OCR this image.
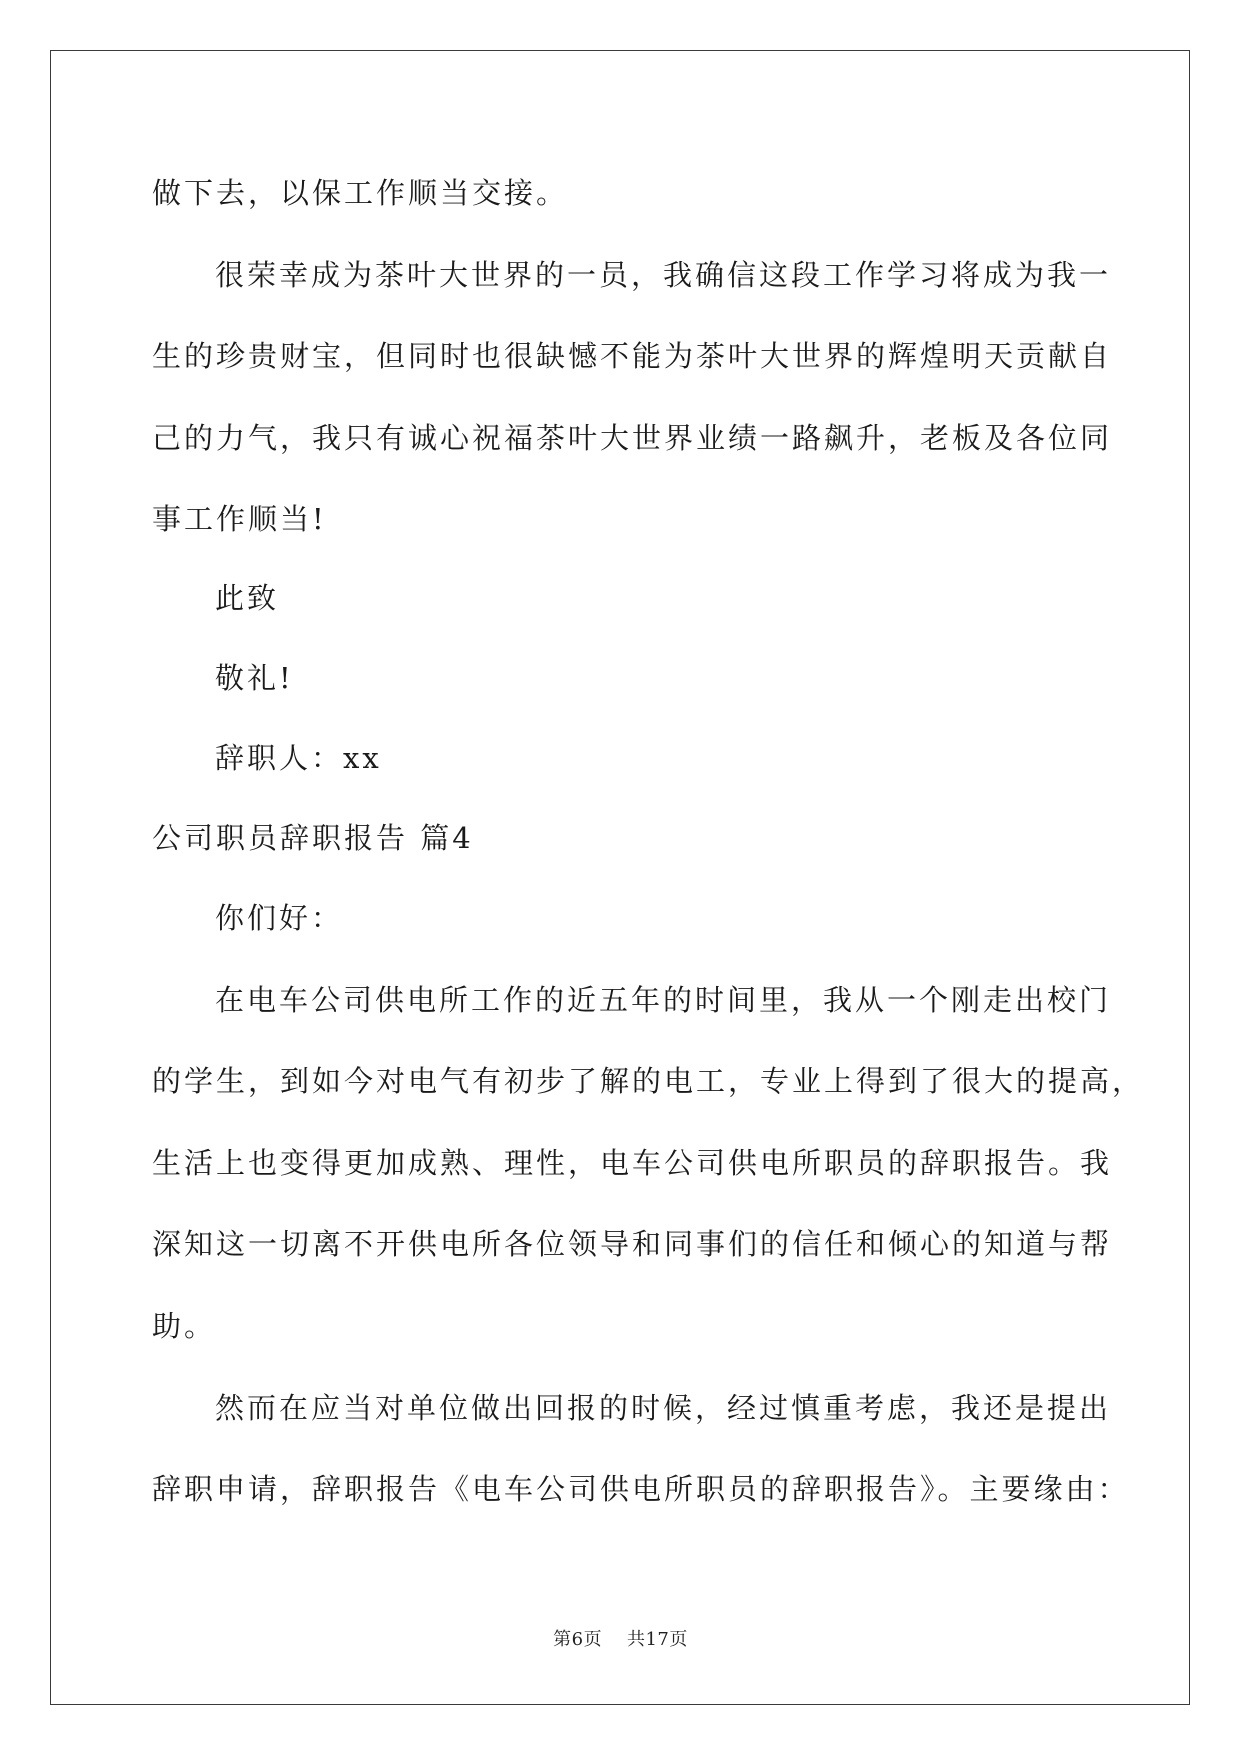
做下去，以保工作顺当交接。
很荣幸成为茶叶大世界的一员，我确信这段工作学习将成为我一
生的珍贵财宝，但同时也很缺憾不能为茶叶大世界的辉煌明天贡献自
己的力气，我只有诚心祝福茶叶大世界业绩一路飙升，老板及各位同
事工作顺当!
此致
敬礼!
辞职人：xx
公司职员辞职报告 篇4
你们好：
在电车公司供电所工作的近五年的时间里，我从一个刚走出校门
的学生，到如今对电气有初步了解的电工，专业上得到了很大的提高，
生活上也变得更加成熟、理性，电车公司供电所职员的辞职报告。我
深知这一切离不开供电所各位领导和同事们的信任和倾心的知道与帮
助。
然而在应当对单位做出回报的时候，经过慎重考虑，我还是提出
辞职申请，辞职报告《电车公司供电所职员的辞职报告》。主要缘由：
第6页 共17页
